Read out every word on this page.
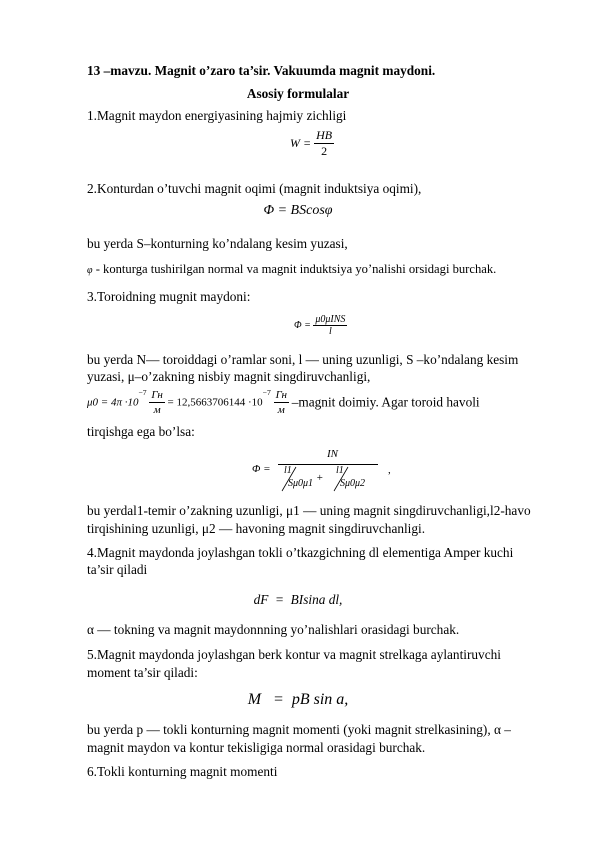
13 –mavzu. Magnit o’zaro ta’sir. Vakuumda magnit maydoni.
Asosiy formulalar
1.Magnit maydon energiyasining hajmiy zichligi
$W = \frac{HB}{2}$
2.Konturdan o’tuvchi magnit oqimi (magnit induktsiya oqimi),
Φ = BScosφ
bu yerda S–konturning ko’ndalang kesim yuzasi,
φ - konturga tushirilgan normal va magnit induktsiya yo’nalishi orsidagi burchak.
3.Toroidning mugnit maydoni:
$\Phi = \frac{\text{μ0μINS}}{l}$
bu yerda N— toroiddagi o’ramlar soni, l — uning uzunligi, S –ko’ndalang kesim
yuzasi, μ–o’zakning nisbiy magnit singdiruvchanligi,
$\mu 0 = 4\pi \cdot 10^{-7} \frac{Гн}{м} = 12,5663706144 \cdot 10^{-7} \frac{Гн}{м}$ –magnit doimiy. Agar toroid havoli
tirqishga ega bo’lsa:
Φ =
IN
l1
+
l1
Sμ0μ1	Sμ0μ2
,
bu yerdal1-temir o’zakning uzunligi, μ1 — uning magnit singdiruvchanligi,l2-havo
tirqishining uzunligi, μ2 — havoning magnit singdiruvchanligi.
4.Magnit maydonda joylashgan tokli o’tkazgichning dl elementiga Amper kuchi
ta’sir qiladi
dF  =  BIsina dl,
α — tokning va magnit maydonnning yo’nalishlari orasidagi burchak.
5.Magnit maydonda joylashgan berk kontur va magnit strelkaga aylantiruvchi
moment ta’sir qiladi:
M   =  pB sin a,
bu yerda p — tokli konturning magnit momenti (yoki magnit strelkasining), α –
magnit maydon va kontur tekisligiga normal orasidagi burchak.
6.Tokli konturning magnit momenti
